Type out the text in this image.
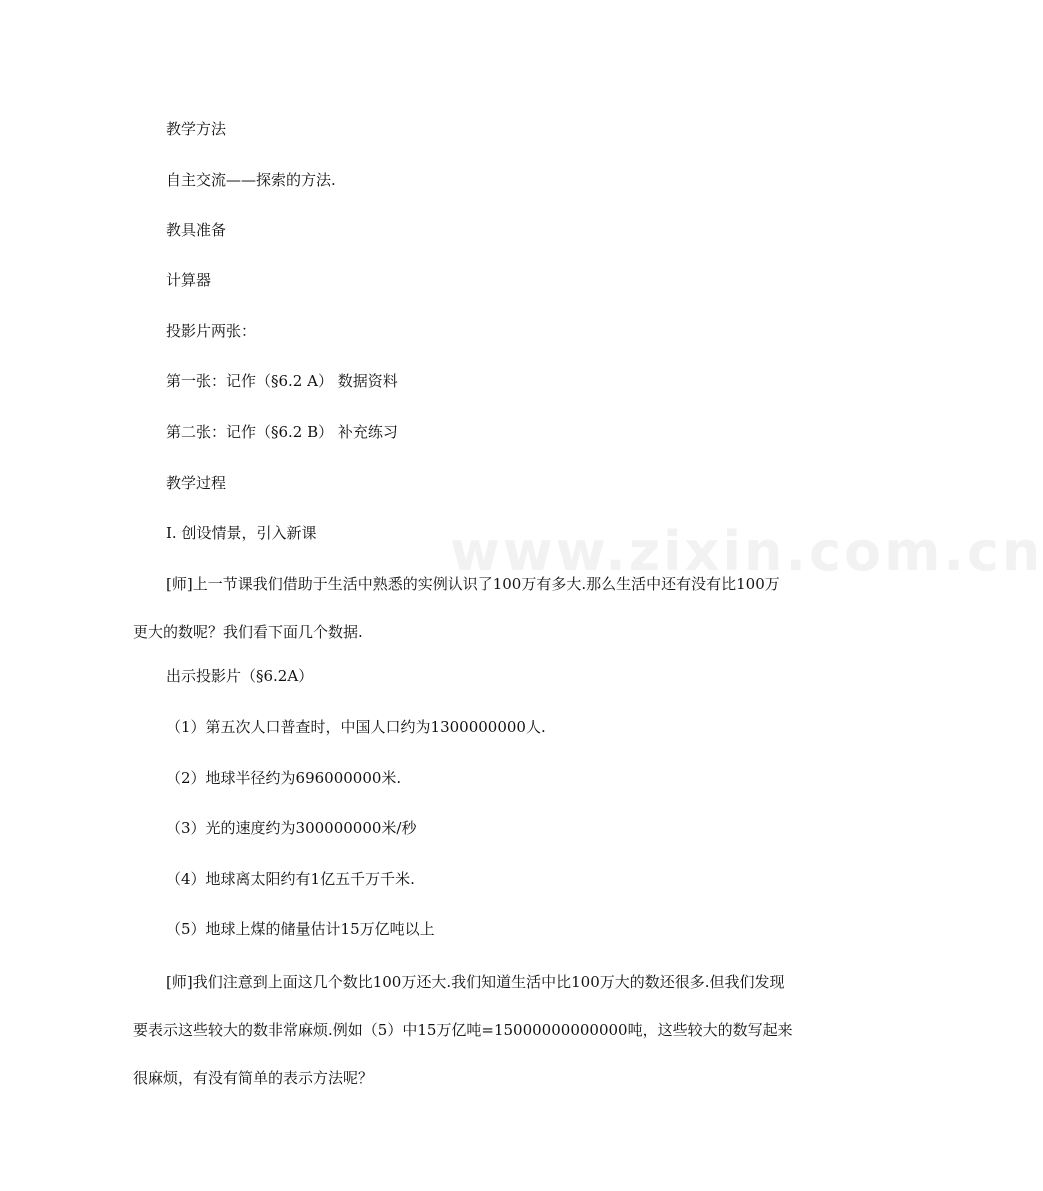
www.zixin.com.cn
教学方法
自主交流——探索的方法.
教具准备
计算器
投影片两张：
第一张：记作（§6.2 A） 数据资料
第二张：记作（§6.2 B） 补充练习
教学过程
Ⅰ. 创设情景，引入新课
[师]上一节课我们借助于生活中熟悉的实例认识了100万有多大.那么生活中还有没有比100万更大的数呢？我们看下面几个数据.
出示投影片（§6.2A）
（1）第五次人口普查时，中国人口约为1300000000人.
（2）地球半径约为696000000米.
（3）光的速度约为300000000米/秒
（4）地球离太阳约有1亿五千万千米.
（5）地球上煤的储量估计15万亿吨以上
[师]我们注意到上面这几个数比100万还大.我们知道生活中比100万大的数还很多.但我们发现要表示这些较大的数非常麻烦.例如（5）中15万亿吨=15000000000000吨，这些较大的数写起来很麻烦，有没有简单的表示方法呢？
